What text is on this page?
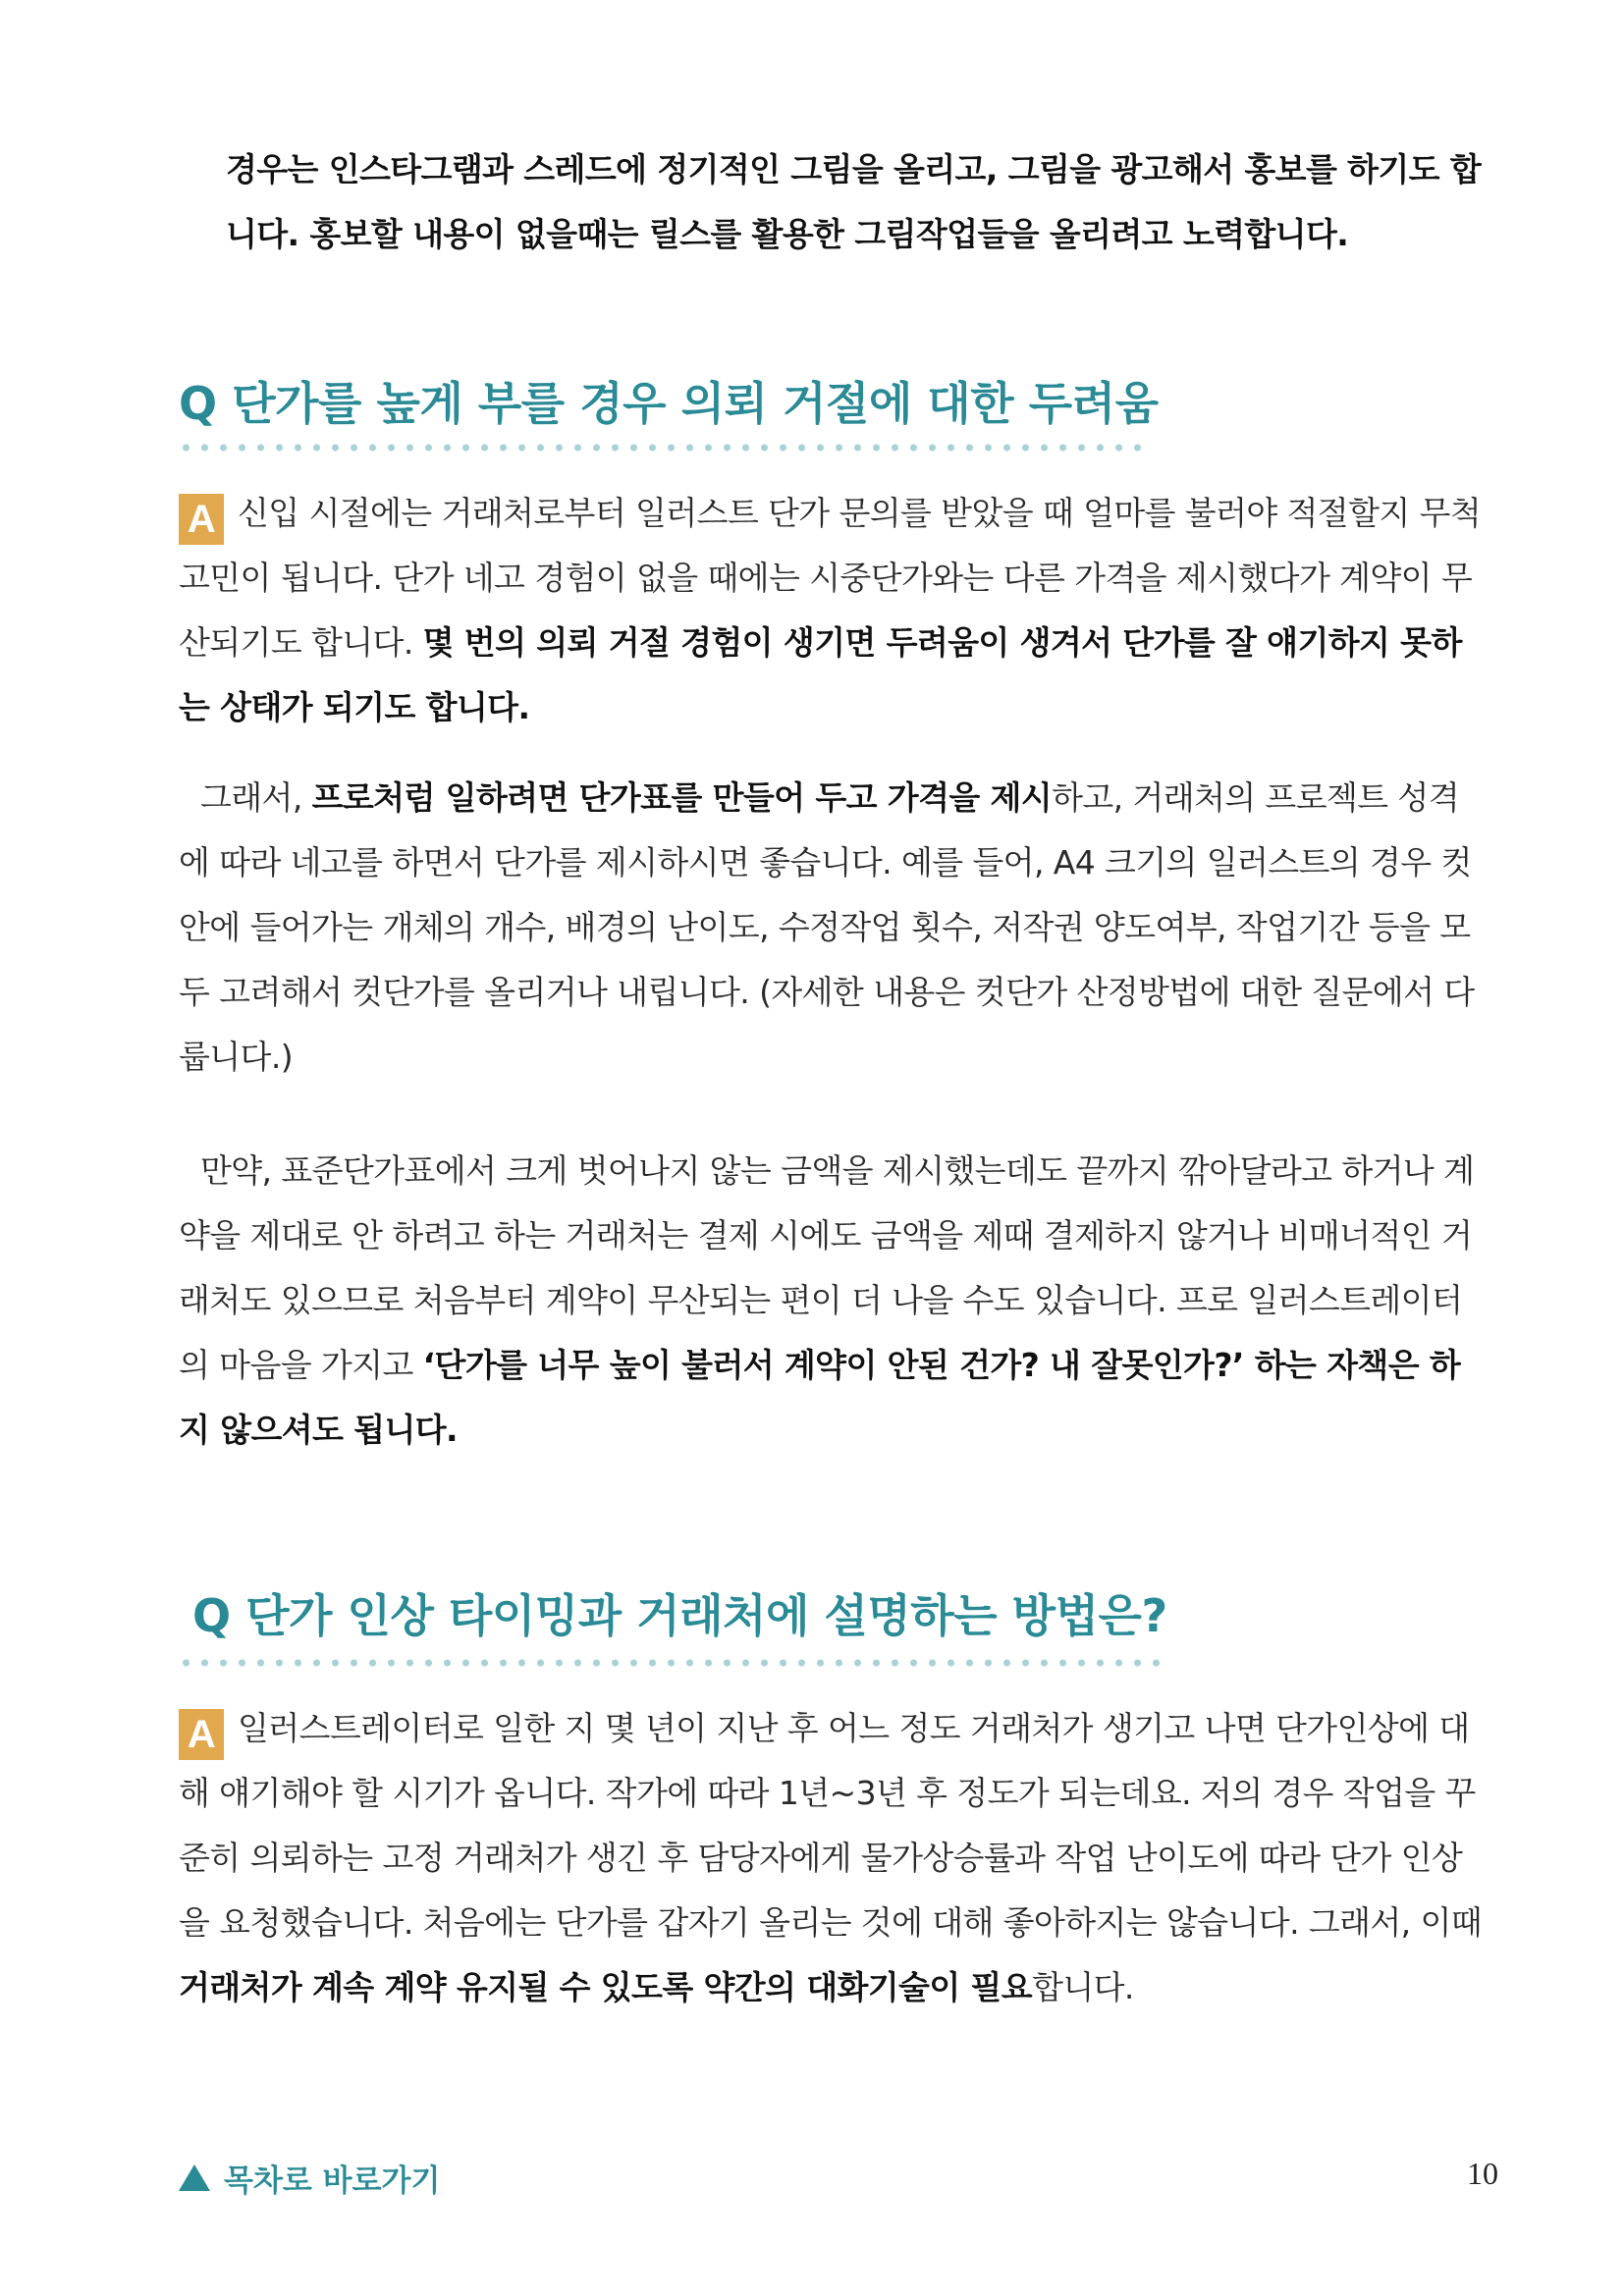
경우는 인스타그램과 스레드에 정기적인 그림을 올리고, 그림을 광고해서 홍보를 하기도 합니다. 홍보할 내용이 없을때는 릴스를 활용한 그림작업들을 올리려고 노력합니다.

Q 단가를 높게 부를 경우 의뢰 거절에 대한 두려움

A 신입 시절에는 거래처로부터 일러스트 단가 문의를 받았을 때 얼마를 불러야 적절할지 무척 고민이 됩니다. 단가 네고 경험이 없을 때에는 시중단가와는 다른 가격을 제시했다가 계약이 무산되기도 합니다. 몇 번의 의뢰 거절 경험이 생기면 두려움이 생겨서 단가를 잘 얘기하지 못하는 상태가 되기도 합니다.

그래서, 프로처럼 일하려면 단가표를 만들어 두고 가격을 제시하고, 거래처의 프로젝트 성격에 따라 네고를 하면서 단가를 제시하시면 좋습니다. 예를 들어, A4 크기의 일러스트의 경우 컷 안에 들어가는 개체의 개수, 배경의 난이도, 수정작업 횟수, 저작권 양도여부, 작업기간 등을 모두 고려해서 컷단가를 올리거나 내립니다. (자세한 내용은 컷단가 산정방법에 대한 질문에서 다룹니다.)

만약, 표준단가표에서 크게 벗어나지 않는 금액을 제시했는데도 끝까지 깎아달라고 하거나 계약을 제대로 안 하려고 하는 거래처는 결제 시에도 금액을 제때 결제하지 않거나 비매너적인 거래처도 있으므로 처음부터 계약이 무산되는 편이 더 나을 수도 있습니다. 프로 일러스트레이터의 마음을 가지고 ‘단가를 너무 높이 불러서 계약이 안된 건가? 내 잘못인가?’ 하는 자책은 하지 않으셔도 됩니다.

Q 단가 인상 타이밍과 거래처에 설명하는 방법은?

A 일러스트레이터로 일한 지 몇 년이 지난 후 어느 정도 거래처가 생기고 나면 단가인상에 대해 얘기해야 할 시기가 옵니다. 작가에 따라 1년~3년 후 정도가 되는데요. 저의 경우 작업을 꾸준히 의뢰하는 고정 거래처가 생긴 후 담당자에게 물가상승률과 작업 난이도에 따라 단가 인상을 요청했습니다. 처음에는 단가를 갑자기 올리는 것에 대해 좋아하지는 않습니다. 그래서, 이때 거래처가 계속 계약 유지될 수 있도록 약간의 대화기술이 필요합니다.

목차로 바로가기	10
